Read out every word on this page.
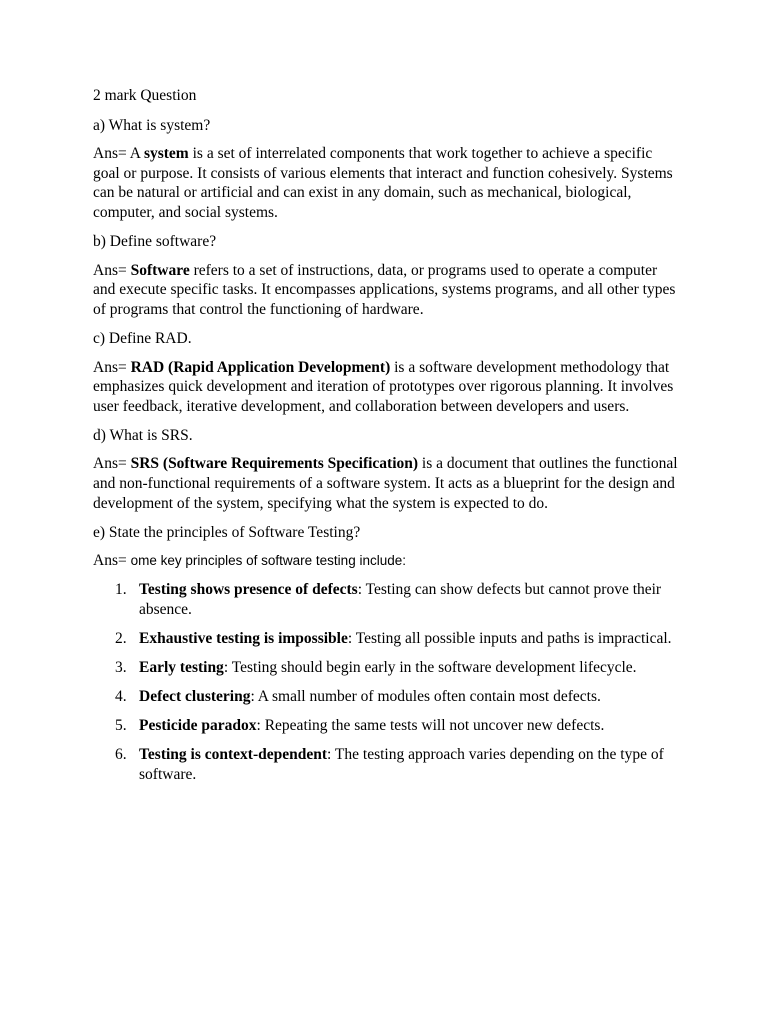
2 mark Question

a) What is system?

Ans= A system is a set of interrelated components that work together to achieve a specific goal or purpose. It consists of various elements that interact and function cohesively. Systems can be natural or artificial and can exist in any domain, such as mechanical, biological, computer, and social systems.

b) Define software?

Ans= Software refers to a set of instructions, data, or programs used to operate a computer and execute specific tasks. It encompasses applications, systems programs, and all other types of programs that control the functioning of hardware.

c) Define RAD.

Ans= RAD (Rapid Application Development) is a software development methodology that emphasizes quick development and iteration of prototypes over rigorous planning. It involves user feedback, iterative development, and collaboration between developers and users.

d) What is SRS.

Ans= SRS (Software Requirements Specification) is a document that outlines the functional and non-functional requirements of a software system. It acts as a blueprint for the design and development of the system, specifying what the system is expected to do.

e) State the principles of Software Testing?

Ans= ome key principles of software testing include:

1. Testing shows presence of defects: Testing can show defects but cannot prove their absence.
2. Exhaustive testing is impossible: Testing all possible inputs and paths is impractical.
3. Early testing: Testing should begin early in the software development lifecycle.
4. Defect clustering: A small number of modules often contain most defects.
5. Pesticide paradox: Repeating the same tests will not uncover new defects.
6. Testing is context-dependent: The testing approach varies depending on the type of software.
